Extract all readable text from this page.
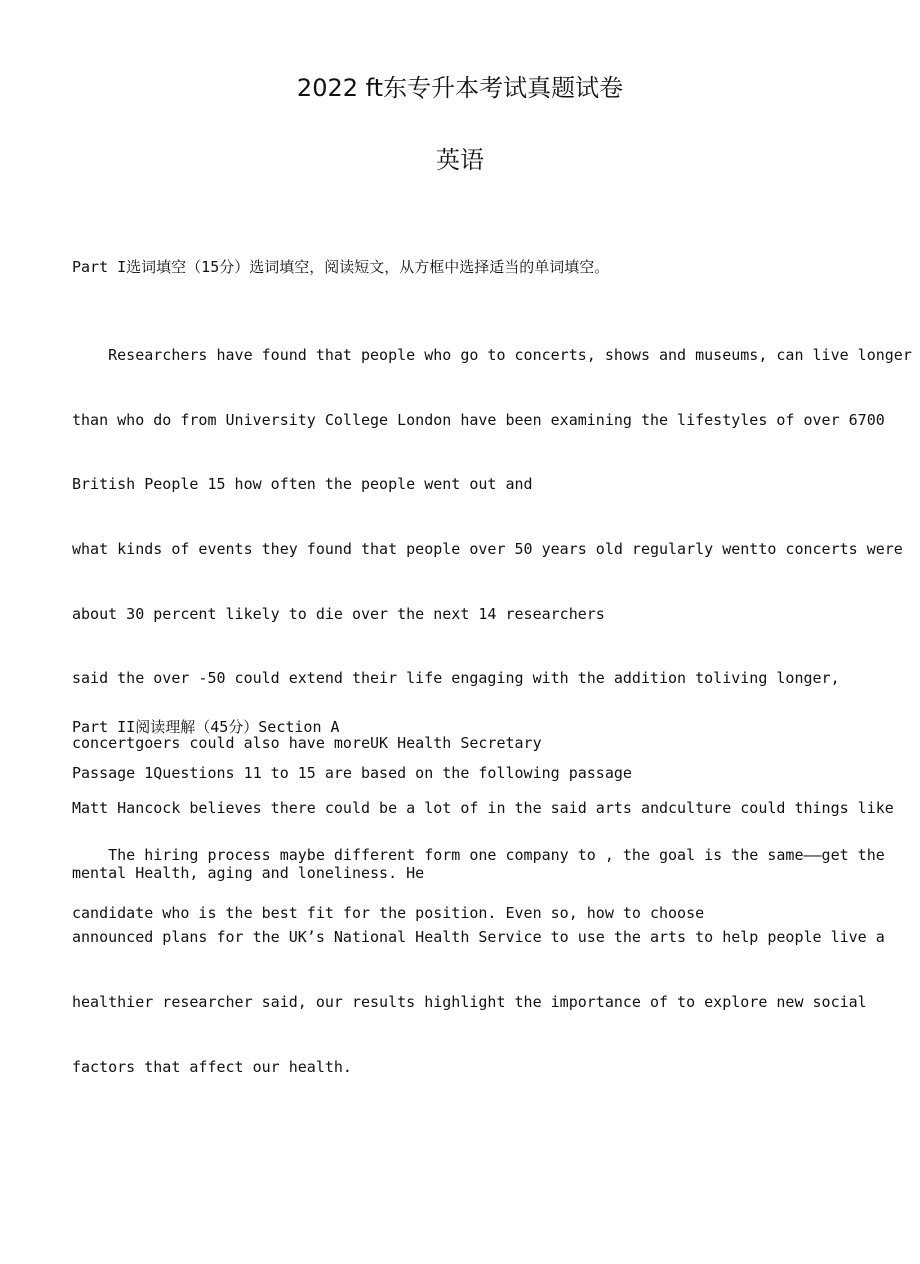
2022 ft东专升本考试真题试卷
英语

Part I选词填空（15分）选词填空，阅读短文，从方框中选择适当的单词填空。

Researchers have found that people who go to concerts, shows and museums, can live longer

than who do from University College London have been examining the lifestyles of over 6700

British People 15 how often the people went out and

what kinds of events they found that people over 50 years old regularly wentto concerts were

about 30 percent likely to die over the next 14 researchers

said the over -50 could extend their life engaging with the addition toliving longer,

concertgoers could also have moreUK Health Secretary

Matt Hancock believes there could be a lot of in the said arts andculture could things like

mental Health, aging and loneliness. He

announced plans for the UK’s National Health Service to use the arts to help people live a

healthier researcher said, our results highlight the importance of to explore new social

factors that affect our health.

Part II阅读理解（45分）Section A

Passage 1Questions 11 to 15 are based on the following passage

The hiring process maybe different form one company to , the goal is the same——get the

candidate who is the best fit for the position. Even so, how to choose
